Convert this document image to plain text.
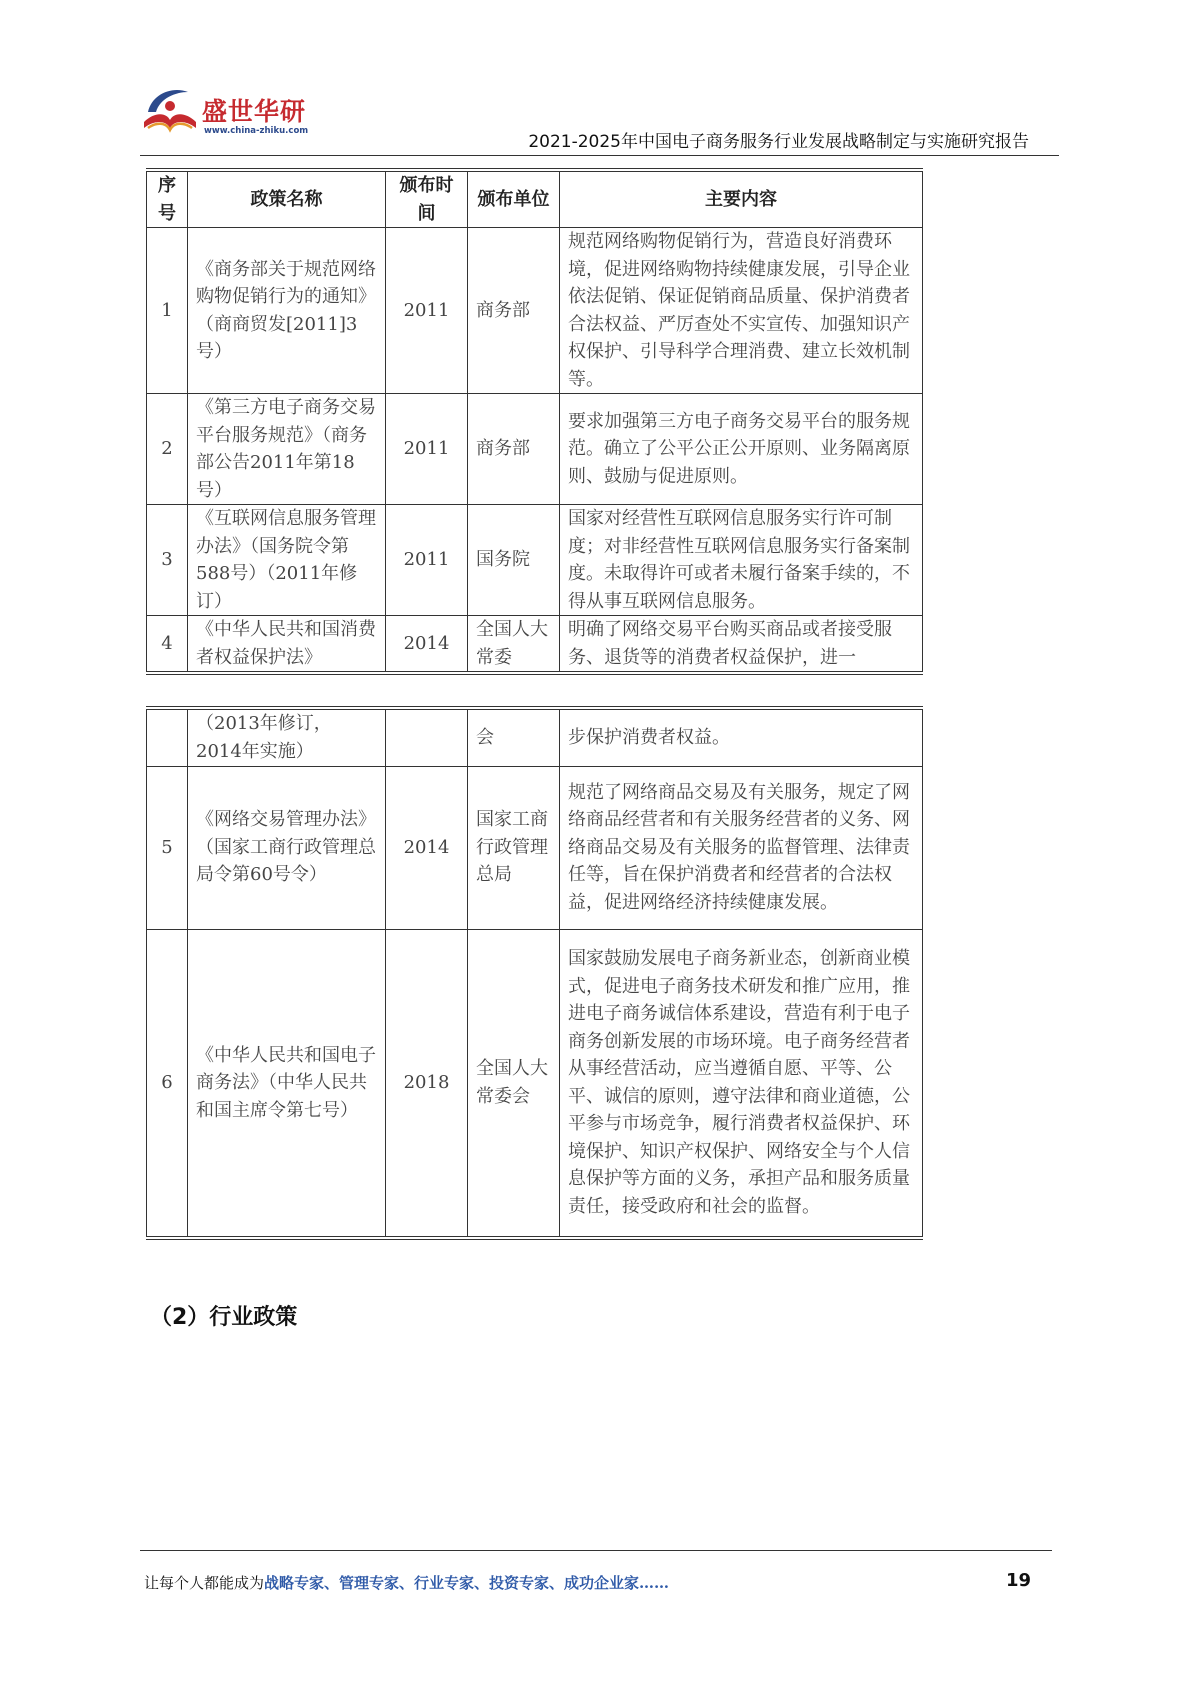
盛世华研
www.china-zhiku.com
2021-2025年中国电子商务服务行业发展战略制定与实施研究报告
序号	政策名称	颁布时间	颁布单位	主要内容
1	《商务部关于规范网络购物促销行为的通知》（商商贸发[2011]3号）	2011	商务部	规范网络购物促销行为，营造良好消费环境，促进网络购物持续健康发展，引导企业依法促销、保证促销商品质量、保护消费者合法权益、严厉查处不实宣传、加强知识产权保护、引导科学合理消费、建立长效机制等。
2	《第三方电子商务交易平台服务规范》（商务部公告2011年第18号）	2011	商务部	要求加强第三方电子商务交易平台的服务规范。确立了公平公正公开原则、业务隔离原则、鼓励与促进原则。
3	《互联网信息服务管理办法》（国务院令第588号）（2011年修订）	2011	国务院	国家对经营性互联网信息服务实行许可制度；对非经营性互联网信息服务实行备案制度。未取得许可或者未履行备案手续的，不得从事互联网信息服务。
4	《中华人民共和国消费者权益保护法》	2014	全国人大常委	明确了网络交易平台购买商品或者接受服务、退货等的消费者权益保护，进一
	（2013年修订，2014年实施）		会	步保护消费者权益。
5	《网络交易管理办法》（国家工商行政管理总局令第60号令）	2014	国家工商行政管理总局	规范了网络商品交易及有关服务，规定了网络商品经营者和有关服务经营者的义务、网络商品交易及有关服务的监督管理、法律责任等，旨在保护消费者和经营者的合法权益，促进网络经济持续健康发展。
6	《中华人民共和国电子商务法》（中华人民共和国主席令第七号）	2018	全国人大常委会	国家鼓励发展电子商务新业态，创新商业模式，促进电子商务技术研发和推广应用，推进电子商务诚信体系建设，营造有利于电子商务创新发展的市场环境。电子商务经营者从事经营活动，应当遵循自愿、平等、公平、诚信的原则，遵守法律和商业道德，公平参与市场竞争，履行消费者权益保护、环境保护、知识产权保护、网络安全与个人信息保护等方面的义务，承担产品和服务质量责任，接受政府和社会的监督。
（2）行业政策
让每个人都能成为战略专家、管理专家、行业专家、投资专家、成功企业家……	19
